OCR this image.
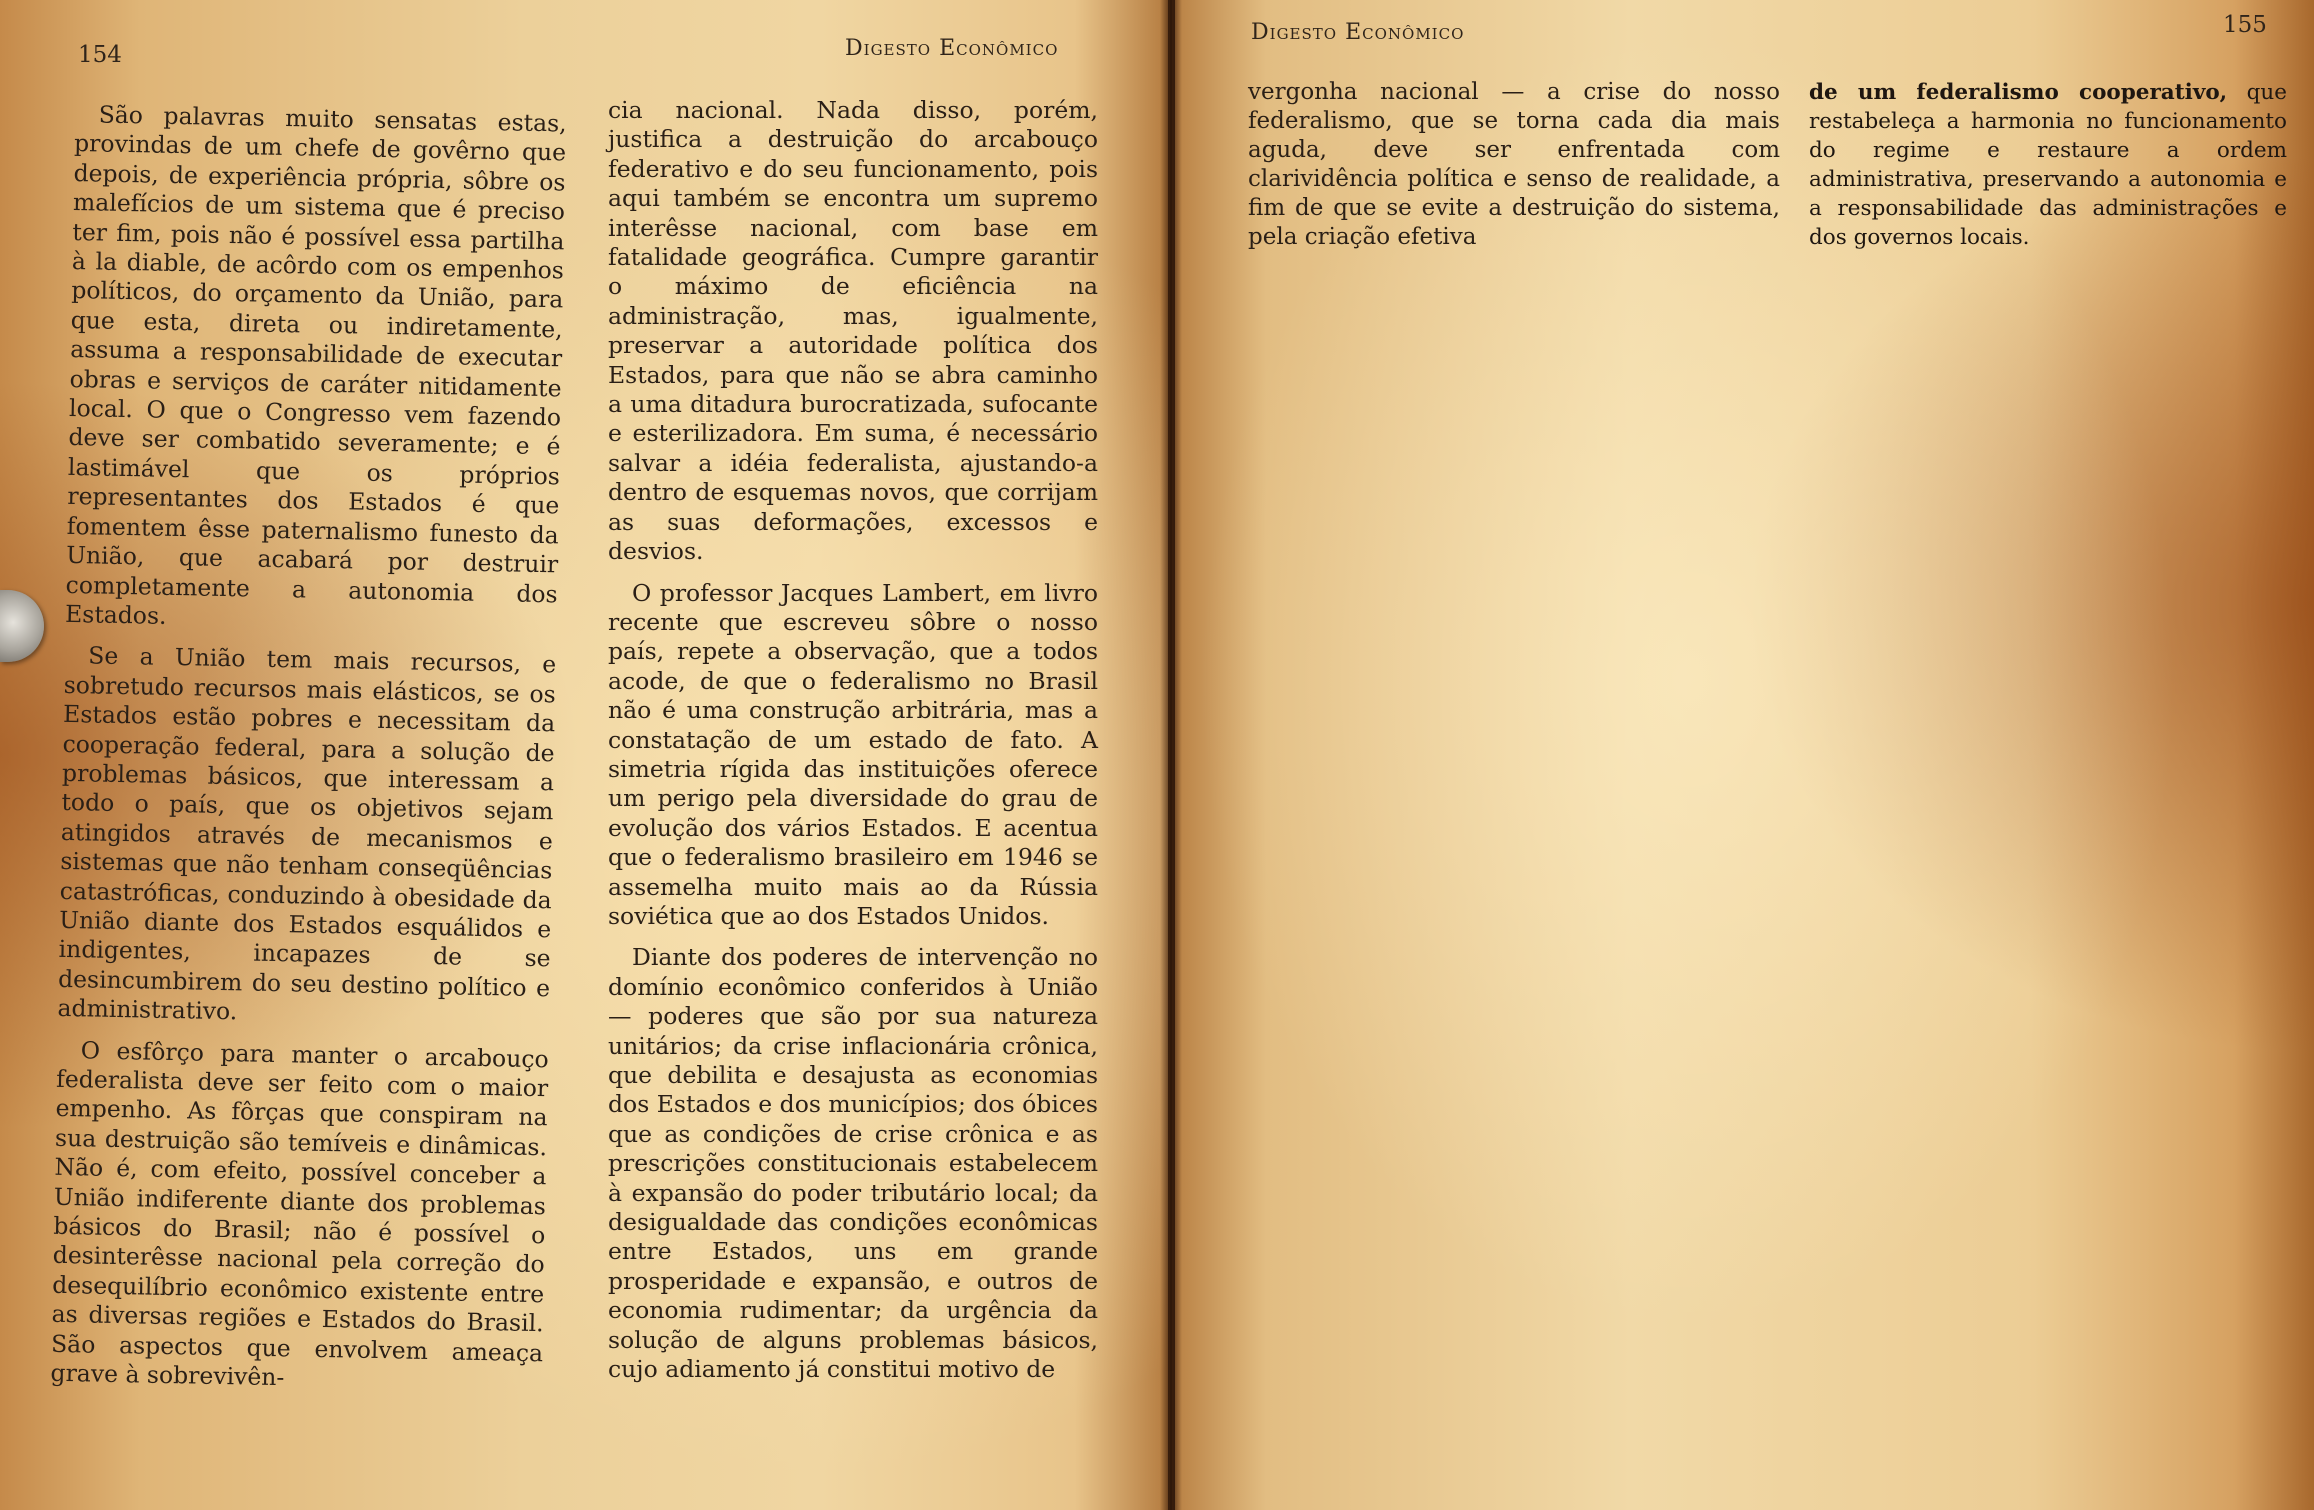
154	Digesto Econômico

São palavras muito sensatas estas, provindas de um chefe de govêrno que depois, de experiência própria, sôbre os malefícios de um sistema que é preciso ter fim, pois não é possível essa partilha à la diable, de acôrdo com os empenhos políticos, do orçamento da União, para que esta, direta ou indiretamente, assuma a responsabilidade de executar obras e serviços de caráter nitidamente local. O que o Congresso vem fazendo deve ser combatido severamente; e é lastimável que os próprios representantes dos Estados é que fomentem êsse paternalismo funesto da União, que acabará por destruir completamente a autonomia dos Estados.

Se a União tem mais recursos, e sobretudo recursos mais elásticos, se os Estados estão pobres e necessitam da cooperação federal, para a solução de problemas básicos, que interessam a todo o país, que os objetivos sejam atingidos através de mecanismos e sistemas que não tenham conseqüências catastróficas, conduzindo à obesidade da União diante dos Estados esquálidos e indigentes, incapazes de se desincumbirem do seu destino político e administrativo.

O esfôrço para manter o arcabouço federalista deve ser feito com o maior empenho. As fôrças que conspiram na sua destruição são temíveis e dinâmicas. Não é, com efeito, possível conceber a União indiferente diante dos problemas básicos do Brasil; não é possível o desinterêsse nacional pela correção do desequilíbrio econômico existente entre as diversas regiões e Estados do Brasil. São aspectos que envolvem ameaça grave à sobrevivên-

cia nacional. Nada disso, porém, justifica a destruição do arcabouço federativo e do seu funcionamento, pois aqui também se encontra um supremo interêsse nacional, com base em fatalidade geográfica. Cumpre garantir o máximo de eficiência na administração, mas, igualmente, preservar a autoridade política dos Estados, para que não se abra caminho a uma ditadura burocratizada, sufocante e esterilizadora. Em suma, é necessário salvar a idéia federalista, ajustando-a dentro de esquemas novos, que corrijam as suas deformações, excessos e desvios.

O professor Jacques Lambert, em livro recente que escreveu sôbre o nosso país, repete a observação, que a todos acode, de que o federalismo no Brasil não é uma construção arbitrária, mas a constatação de um estado de fato. A simetria rígida das instituições oferece um perigo pela diversidade do grau de evolução dos vários Estados. E acentua que o federalismo brasileiro em 1946 se assemelha muito mais ao da Rússia soviética que ao dos Estados Unidos.

Diante dos poderes de intervenção no domínio econômico conferidos à União — poderes que são por sua natureza unitários; da crise inflacionária crônica, que debilita e desajusta as economias dos Estados e dos municípios; dos óbices que as condições de crise crônica e as prescrições constitucionais estabelecem à expansão do poder tributário local; da desigualdade das condições econômicas entre Estados, uns em grande prosperidade e expansão, e outros de economia rudimentar; da urgência da solução de alguns problemas básicos, cujo adiamento já constitui motivo de

Digesto Econômico	155

vergonha nacional — a crise do nosso federalismo, que se torna cada dia mais aguda, deve ser enfrentada com clarividência política e senso de realidade, a fim de que se evite a destruição do sistema, pela criação efetiva

de um federalismo cooperativo, que restabeleça a harmonia no funcionamento do regime e restaure a ordem administrativa, preservando a autonomia e a responsabilidade das administrações e dos governos locais.
